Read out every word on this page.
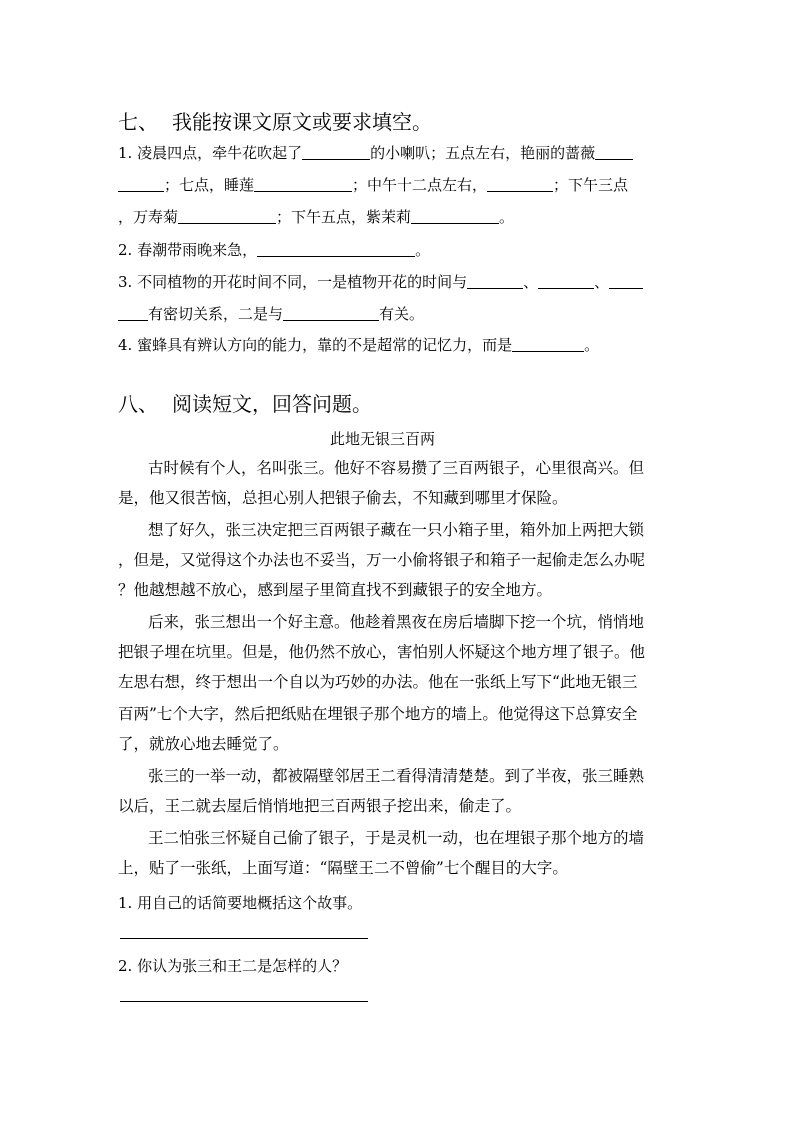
七、 我能按课文原文或要求填空。
1. 凌晨四点，牵牛花吹起了	的小喇叭；五点左右，艳丽的蔷薇
；七点，睡莲	；中午十二点左右，	；下午三点
，万寿菊	；下午五点，紫茉莉	。
2. 春潮带雨晚来急，	。
3. 不同植物的开花时间不同，一是植物开花的时间与	、	、
有密切关系，二是与	有关。
4. 蜜蜂具有辨认方向的能力，靠的不是超常的记忆力，而是	。
八、 阅读短文，回答问题。
此地无银三百两
古时候有个人，名叫张三。他好不容易攒了三百两银子，心里很高兴。但
是，他又很苦恼，总担心别人把银子偷去，不知藏到哪里才保险。
想了好久，张三决定把三百两银子藏在一只小箱子里，箱外加上两把大锁
，但是，又觉得这个办法也不妥当，万一小偷将银子和箱子一起偷走怎么办呢
？他越想越不放心，感到屋子里简直找不到藏银子的安全地方。
后来，张三想出一个好主意。他趁着黑夜在房后墙脚下挖一个坑，悄悄地
把银子埋在坑里。但是，他仍然不放心，害怕别人怀疑这个地方埋了银子。他
左思右想，终于想出一个自以为巧妙的办法。他在一张纸上写下“此地无银三
百两”七个大字，然后把纸贴在埋银子那个地方的墙上。他觉得这下总算安全
了，就放心地去睡觉了。
张三的一举一动，都被隔壁邻居王二看得清清楚楚。到了半夜，张三睡熟
以后，王二就去屋后悄悄地把三百两银子挖出来，偷走了。
王二怕张三怀疑自己偷了银子，于是灵机一动，也在埋银子那个地方的墙
上，贴了一张纸，上面写道：“隔壁王二不曾偷”七个醒目的大字。
1. 用自己的话简要地概括这个故事。
2. 你认为张三和王二是怎样的人？
